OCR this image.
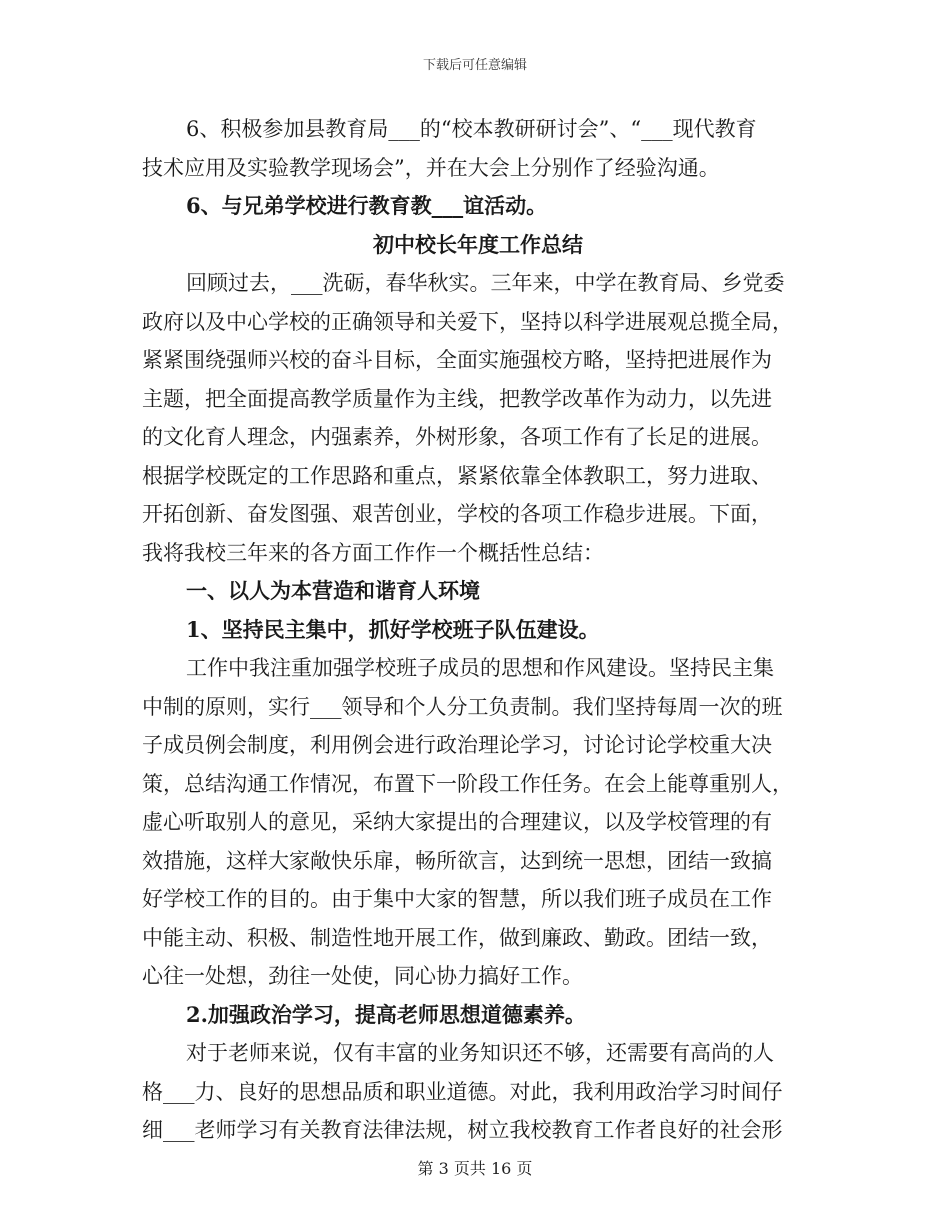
下载后可任意编辑
6、积极参加县教育局___的“校本教研研讨会”、“___现代教育
技术应用及实验教学现场会”，并在大会上分别作了经验沟通。
6、与兄弟学校进行教育教___谊活动。
初中校长年度工作总结
回顾过去，___洗砺，春华秋实。三年来，中学在教育局、乡党委
政府以及中心学校的正确领导和关爱下，坚持以科学进展观总揽全局，
紧紧围绕强师兴校的奋斗目标，全面实施强校方略，坚持把进展作为
主题，把全面提高教学质量作为主线，把教学改革作为动力，以先进
的文化育人理念，内强素养，外树形象，各项工作有了长足的进展。
根据学校既定的工作思路和重点，紧紧依靠全体教职工，努力进取、
开拓创新、奋发图强、艰苦创业，学校的各项工作稳步进展。下面，
我将我校三年来的各方面工作作一个概括性总结：
一、以人为本营造和谐育人环境
1、坚持民主集中，抓好学校班子队伍建设。
工作中我注重加强学校班子成员的思想和作风建设。坚持民主集
中制的原则，实行___领导和个人分工负责制。我们坚持每周一次的班
子成员例会制度，利用例会进行政治理论学习，讨论讨论学校重大决
策，总结沟通工作情况，布置下一阶段工作任务。在会上能尊重别人，
虚心听取别人的意见，采纳大家提出的合理建议，以及学校管理的有
效措施，这样大家敞快乐扉，畅所欲言，达到统一思想，团结一致搞
好学校工作的目的。由于集中大家的智慧，所以我们班子成员在工作
中能主动、积极、制造性地开展工作，做到廉政、勤政。团结一致，
心往一处想，劲往一处使，同心协力搞好工作。
2.加强政治学习，提高老师思想道德素养。
对于老师来说，仅有丰富的业务知识还不够，还需要有高尚的人
格___力、良好的思想品质和职业道德。对此，我利用政治学习时间仔
细___老师学习有关教育法律法规，树立我校教育工作者良好的社会形
第 3 页共 16 页
